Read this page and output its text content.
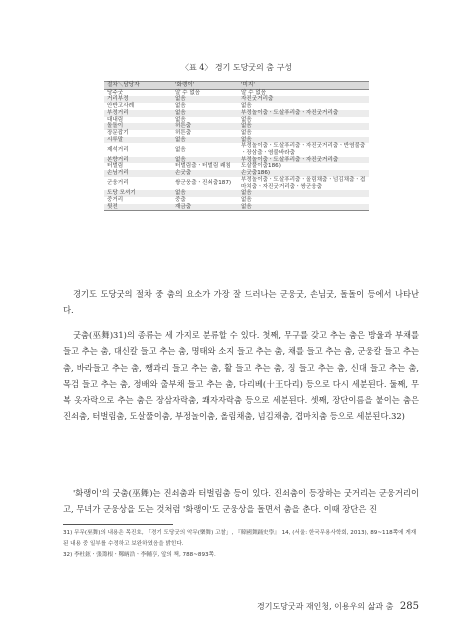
〈표 4〉 경기 도당굿의 춤 구성
절차＼담당자	'화랭이'	'미지'
당주굿	알 수 없음	알 수 없음
거리부정	없음	자진굿거리춤
안반고사례	없음	없음
부정거리	없음	부정놀이춤ㆍ도살푸리춤ㆍ자진굿거리춤
대내림	없음	없음
돌돌이	허튼춤	없음
장문잡기	허튼춤	없음
시루말	없음	없음
제석거리	없음	부정놀이춤ㆍ도살푸리춤ㆍ자진굿거리춤ㆍ반염불춤ㆍ장삼춤ㆍ염불바라춤
본향거리	없음	부정놀이춤ㆍ도살푸리춤ㆍ자진굿거리춤
터벌림	터벌림춤ㆍ터벌림 쾌침	도살풀이춤186)
손님거리	손굿춤	손굿춤186)
군웅거리	쌍군웅춤ㆍ진쇠춤187)	부정놀이춤ㆍ도살푸리춤ㆍ올림채춤ㆍ넘김채춤ㆍ겹마치춤ㆍ자진굿거리춤ㆍ쌍군웅춤
도당 모셔기	없음	없음
중거리	중춤	없음
뒷전	재금춤	없음
경기도 도당굿의 절차 중 춤의 요소가 가장 잘 드러나는 군웅굿, 손님굿, 돌돌이 등에서 나타난다.
굿춤(巫舞)31)의 종류는 세 가지로 분류할 수 있다. 첫째, 무구를 갖고 추는 춤은 방울과 부채를 들고 추는 춤, 대신칼 들고 추는 춤, 명태와 소지 들고 추는 춤, 채를 들고 추는 춤, 군웅칼 들고 추는 춤, 바라들고 추는 춤, 쨍과리 들고 추는 춤, 활 들고 추는 춤, 징 들고 추는 춤, 신대 들고 추는 춤, 목검 들고 추는 춤, 정배와 출부채 들고 추는 춤, 다리베(十王다리) 등으로 다시 세분된다. 둘째, 무복 옷자락으로 추는 춤은 장삼자락춤, 쾌자자락춤 등으로 세분된다. 셋째, 장단이름을 붙이는 춤은 진쇠춤, 터벌림춤, 도살풀이춤, 부정놀이춤, 올림채춤, 넘김채춤, 겹마치춤 등으로 세분된다.32)
'화랭이'의 굿춤(巫舞)는 진쇠춤과 터벌림춤 등이 있다. 진쇠춤이 등장하는 굿거리는 군웅거리이고, 무녀가 군웅상을 도는 것처럼 '화랭이'도 군웅상을 돌면서 춤을 춘다. 이때 장단은 진
31) 무무(巫舞)의 내용은 목진호, 「경기 도당굿의 악무(樂舞) 고찰」, 『韓國舞踊史學』 14, (서울: 한국무용사학회, 2013), 89~118쪽에 게재된 내용 중 일부를 수정하고 보완하였음을 밝힌다.
32) 李杜鉉ㆍ張籌根ㆍ鄭昞浩ㆍ李輔亨, 앞의 책, 788~893쪽.
경기도당굿과 재인청, 이용우의 삶과 춤 285
